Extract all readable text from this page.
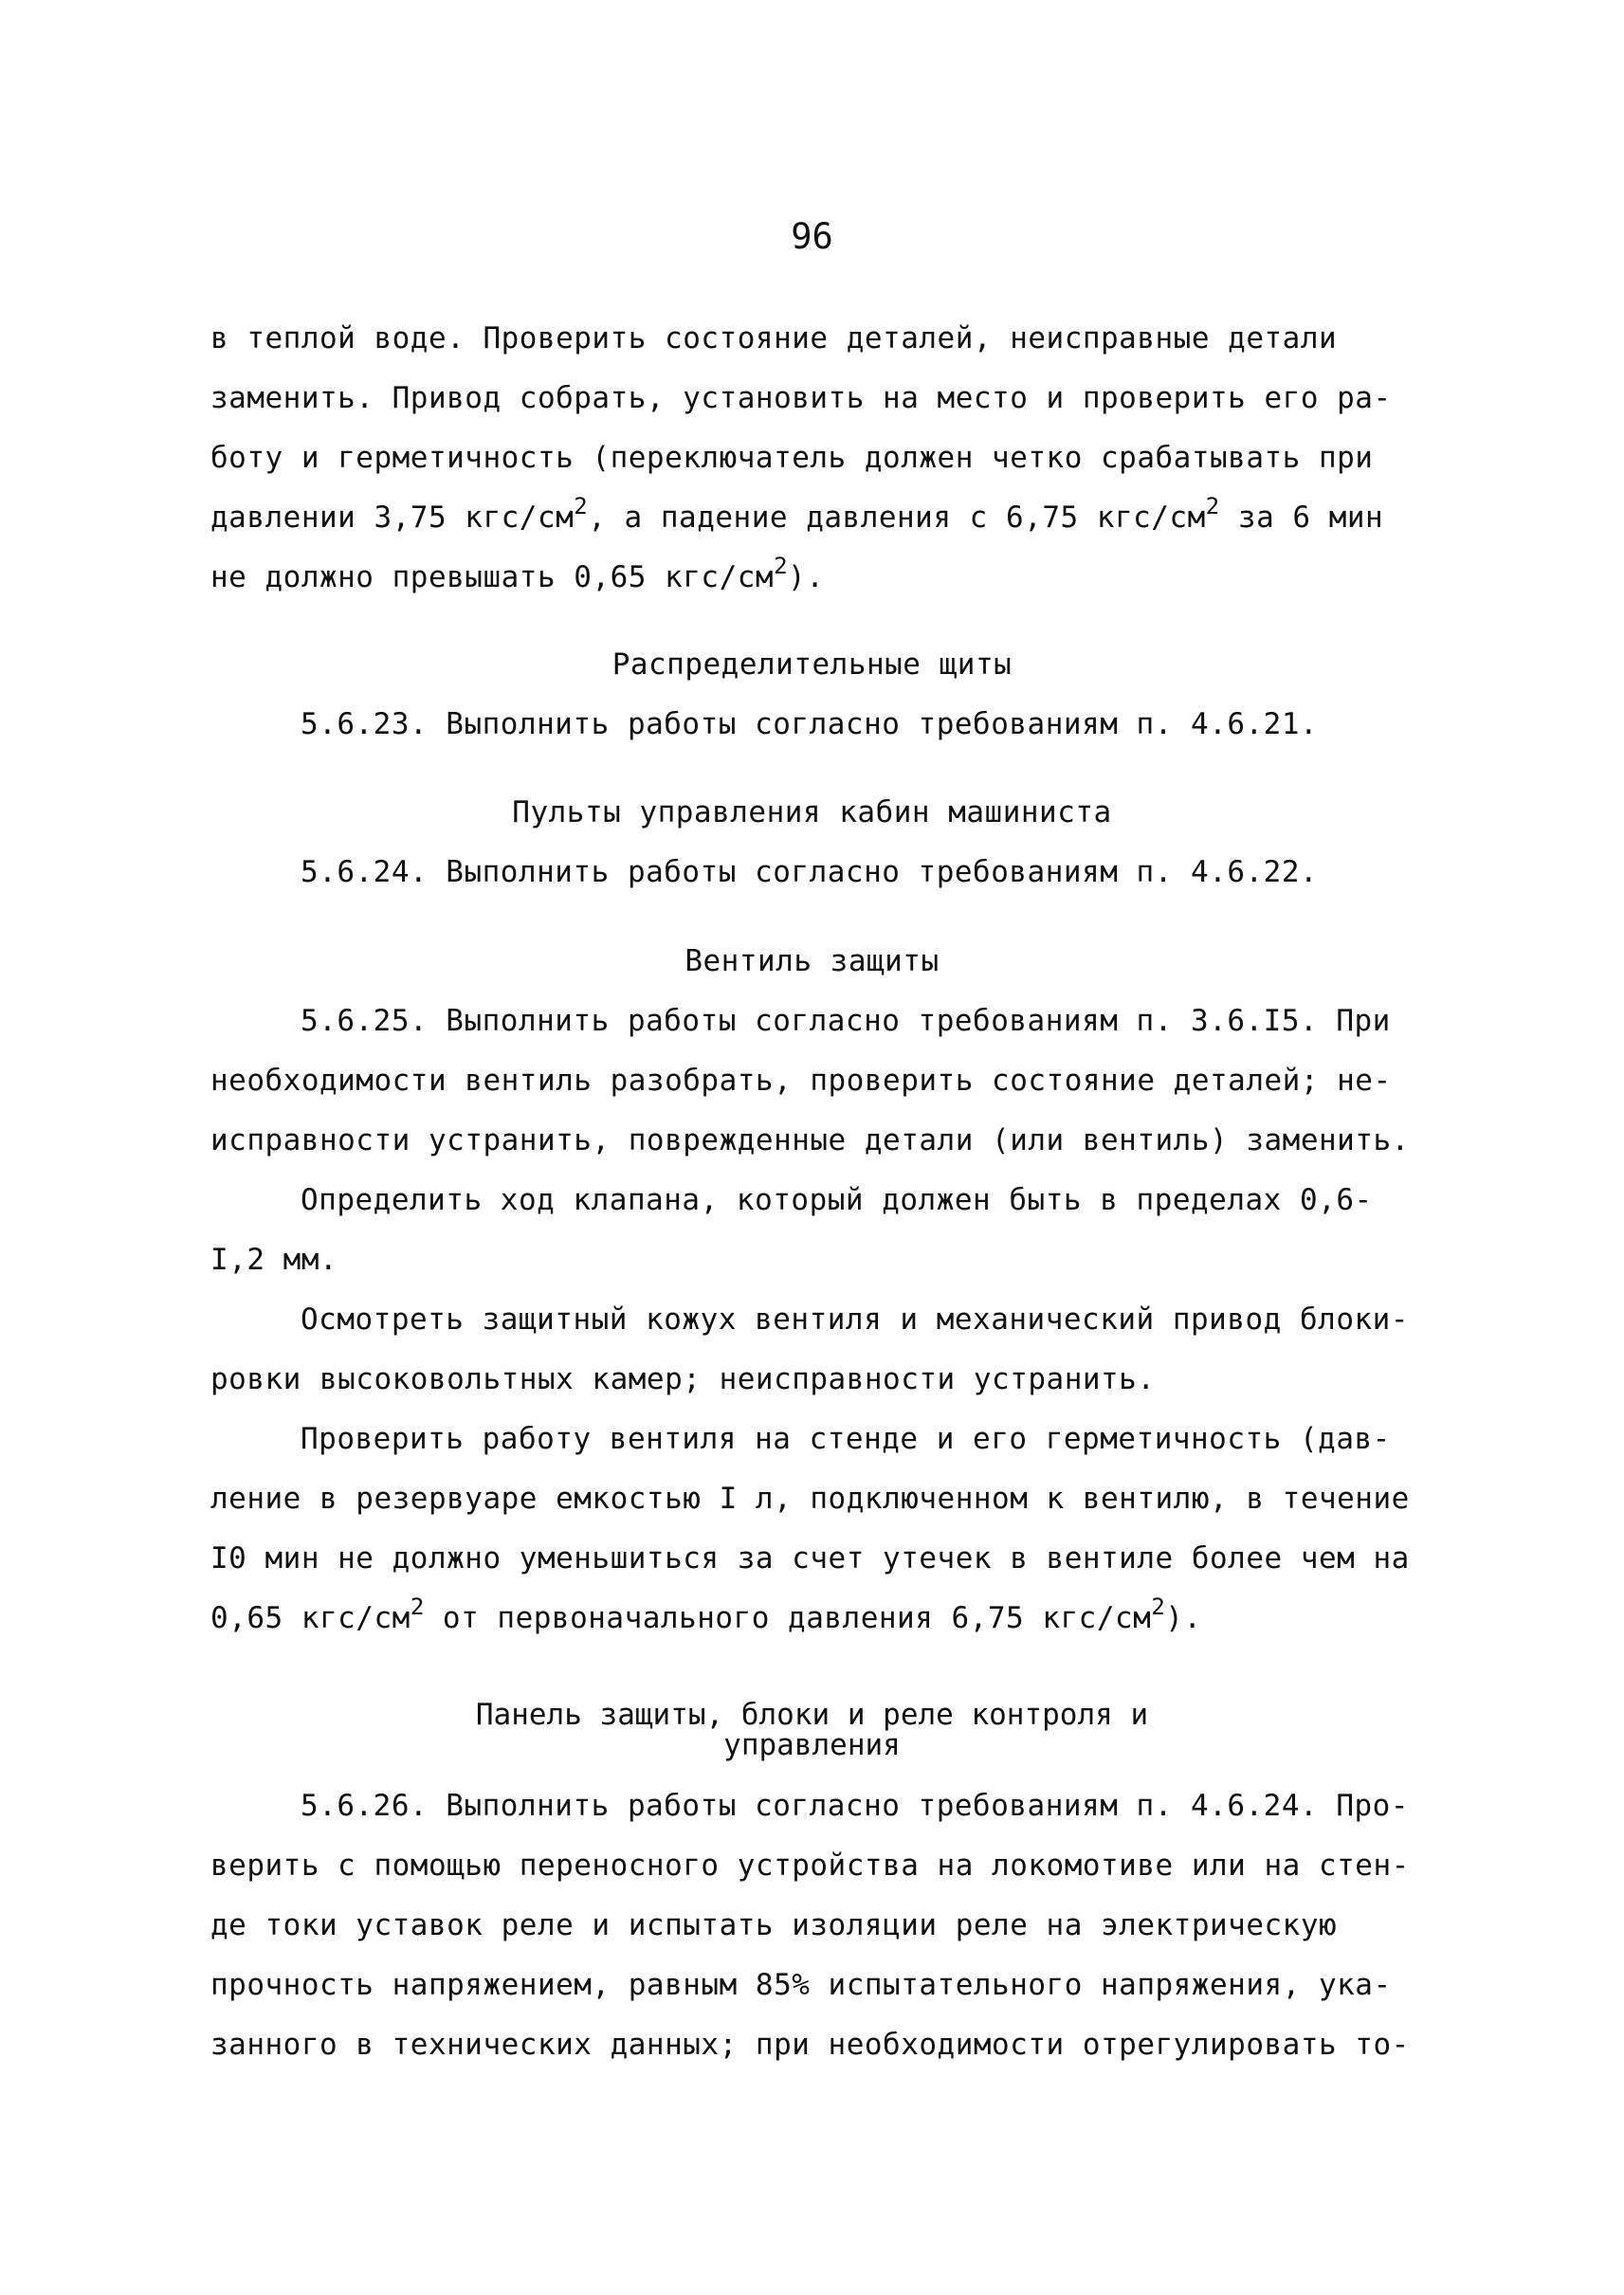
96
в теплой воде. Проверить состояние деталей, неисправные детали
заменить. Привод собрать, установить на место и проверить его ра-
боту и герметичность (переключатель должен четко срабатывать при
давлении 3,75 кгс/$см^2$, а падение давления с 6,75 кгс/$см^2$ за 6 мин
не должно превышать 0,65 кгс/$см^2$).
Распределительные щиты
5.6.23. Выполнить работы согласно требованиям п. 4.6.21.
Пульты управления кабин машиниста
5.6.24. Выполнить работы согласно требованиям п. 4.6.22.
Вентиль защиты
5.6.25. Выполнить работы согласно требованиям п. 3.6.I5. При
необходимости вентиль разобрать, проверить состояние деталей; не-
исправности устранить, поврежденные детали (или вентиль) заменить.
Определить ход клапана, который должен быть в пределах 0,6-
I,2 мм.
Осмотреть защитный кожух вентиля и механический привод блоки-
ровки высоковольтных камер; неисправности устранить.
Проверить работу вентиля на стенде и его герметичность (дав-
ление в резервуаре емкостью I л, подключенном к вентилю, в течение
I0 мин не должно уменьшиться за счет утечек в вентиле более чем на
0,65 кгс/$см^2$ от первоначального давления 6,75 кгс/$см^2$).
Панель защиты, блоки и реле контроля и
управления
5.6.26. Выполнить работы согласно требованиям п. 4.6.24. Про-
верить с помощью переносного устройства на локомотиве или на стен-
де токи уставок реле и испытать изоляции реле на электрическую
прочность напряжением, равным 85% испытательного напряжения, ука-
занного в технических данных; при необходимости отрегулировать то-
